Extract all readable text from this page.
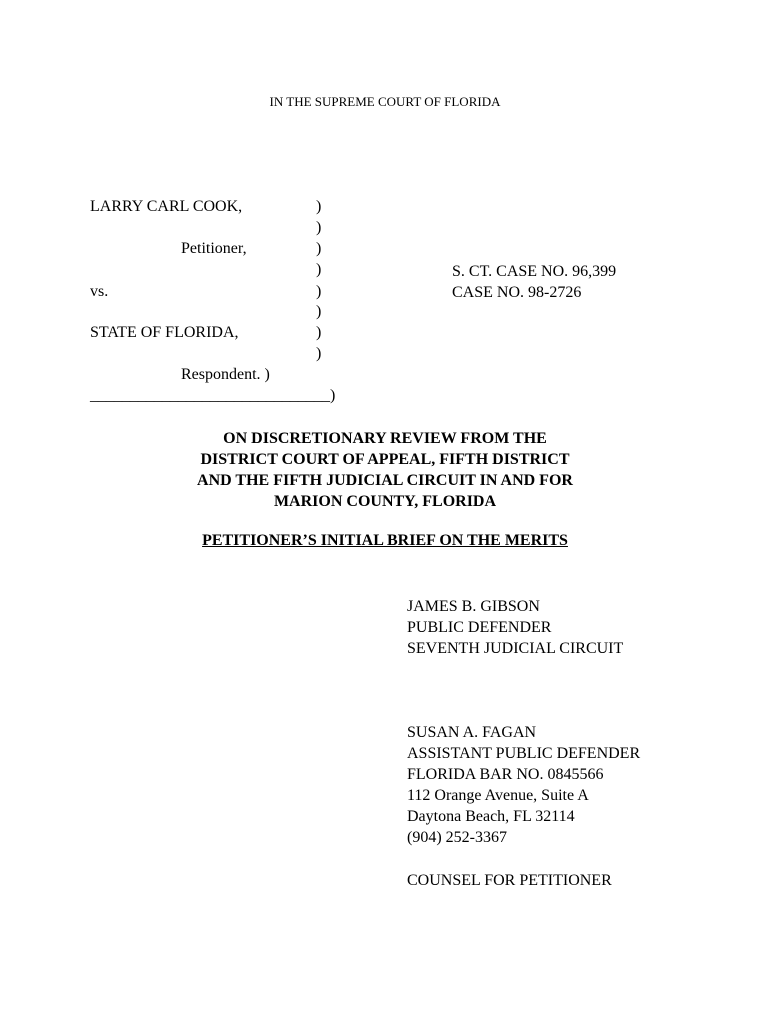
IN THE SUPREME COURT OF FLORIDA
LARRY CARL COOK,
Petitioner,
vs.
STATE OF FLORIDA,
Respondent. )
______________________________)
)
)
)
)
)
)
)
)
S. CT. CASE NO. 96,399
CASE NO. 98-2726
ON DISCRETIONARY REVIEW FROM THE
DISTRICT COURT OF APPEAL, FIFTH DISTRICT
AND THE FIFTH JUDICIAL CIRCUIT IN AND FOR
MARION COUNTY, FLORIDA
PETITIONER’S INITIAL BRIEF ON THE MERITS
JAMES B. GIBSON
PUBLIC DEFENDER
SEVENTH JUDICIAL CIRCUIT
SUSAN A. FAGAN
ASSISTANT PUBLIC DEFENDER
FLORIDA BAR NO. 0845566
112 Orange Avenue, Suite A
Daytona Beach, FL 32114
(904) 252-3367
COUNSEL FOR PETITIONER
